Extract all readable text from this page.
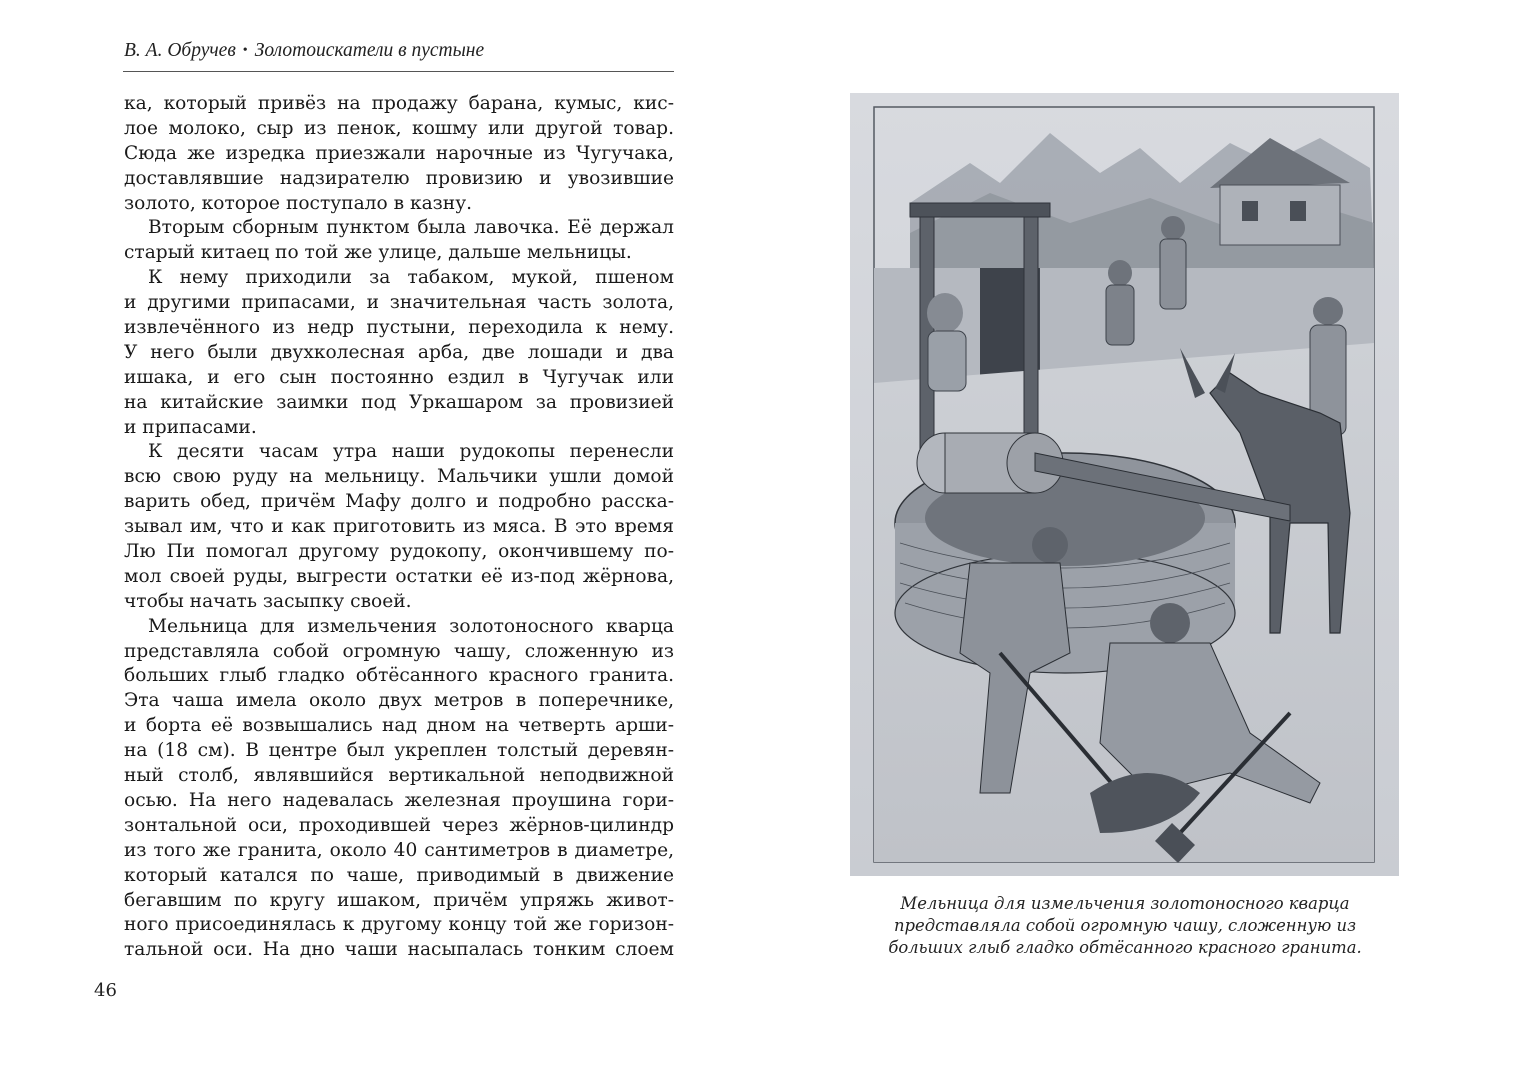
В. А. Обручев • Золотоискатели в пустыне
ка, который привёз на продажу барана, кумыс, кис-
лое молоко, сыр из пенок, кошму или другой товар.
Сюда же изредка приезжали нарочные из Чугучака,
доставлявшие надзирателю провизию и увозившие
золото, которое поступало в казну.
Вторым сборным пунктом была лавочка. Её держал
старый китаец по той же улице, дальше мельницы.
К нему приходили за табаком, мукой, пшеном
и другими припасами, и значительная часть золота,
извлечённого из недр пустыни, переходила к нему.
У него были двухколесная арба, две лошади и два
ишака, и его сын постоянно ездил в Чугучак или
на китайские заимки под Уркашаром за провизией
и припасами.
К десяти часам утра наши рудокопы перенесли
всю свою руду на мельницу. Мальчики ушли домой
варить обед, причём Мафу долго и подробно расска-
зывал им, что и как приготовить из мяса. В это время
Лю Пи помогал другому рудокопу, окончившему по-
мол своей руды, выгрести остатки её из-под жёрнова,
чтобы начать засыпку своей.
Мельница для измельчения золотоносного кварца
представляла собой огромную чашу, сложенную из
больших глыб гладко обтёсанного красного гранита.
Эта чаша имела около двух метров в поперечнике,
и борта её возвышались над дном на четверть арши-
на (18 см). В центре был укреплен толстый деревян-
ный столб, являвшийся вертикальной неподвижной
осью. На него надевалась железная проушина гори-
зонтальной оси, проходившей через жёрнов-цилиндр
из того же гранита, около 40 сантиметров в диаметре,
который катался по чаше, приводимый в движение
бегавшим по кругу ишаком, причём упряжь живот-
ного присоединялась к другому концу той же горизон-
тальной оси. На дно чаши насыпалась тонким слоем
46
Мельница для измельчения золотоносного кварца
представляла собой огромную чашу, сложенную из
больших глыб гладко обтёсанного красного гранита.
